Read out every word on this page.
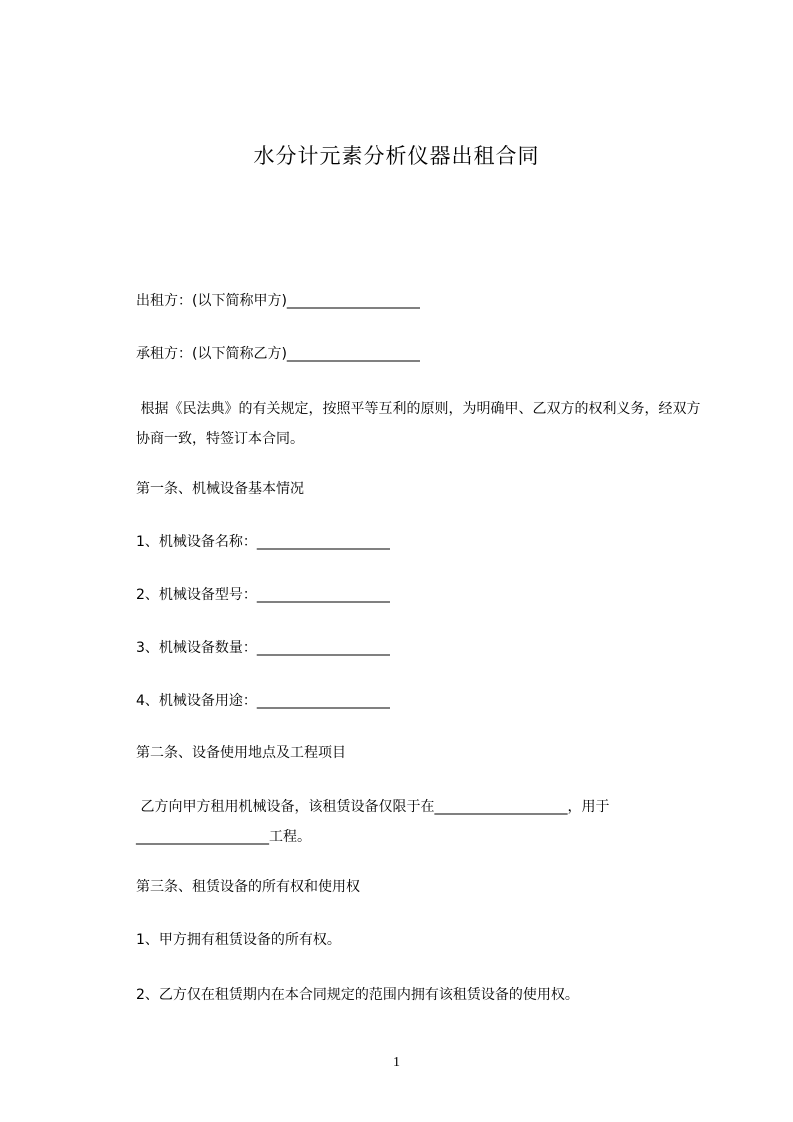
水分计元素分析仪器出租合同
出租方：(以下简称甲方)___________________
承租方：(以下简称乙方)___________________
根据《民法典》的有关规定，按照平等互利的原则，为明确甲、乙双方的权利义务，经双方协商一致，特签订本合同。
第一条、机械设备基本情况
1、机械设备名称：___________________
2、机械设备型号：___________________
3、机械设备数量：___________________
4、机械设备用途：___________________
第二条、设备使用地点及工程项目
乙方向甲方租用机械设备，该租赁设备仅限于在___________________，用于___________________工程。
第三条、租赁设备的所有权和使用权
1、甲方拥有租赁设备的所有权。
2、乙方仅在租赁期内在本合同规定的范围内拥有该租赁设备的使用权。
1
